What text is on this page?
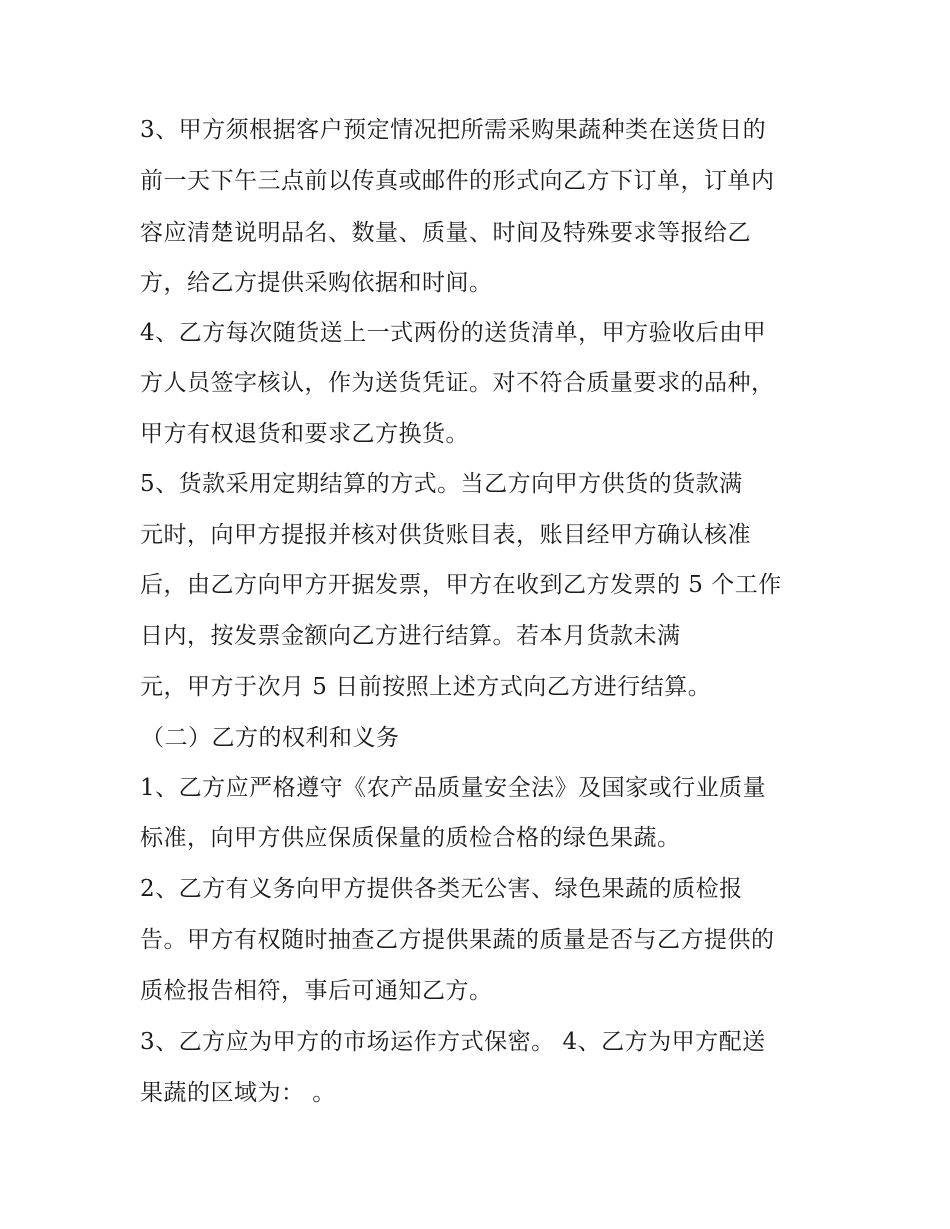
3、甲方须根据客户预定情况把所需采购果蔬种类在送货日的
前一天下午三点前以传真或邮件的形式向乙方下订单，订单内
容应清楚说明品名、数量、质量、时间及特殊要求等报给乙
方，给乙方提供采购依据和时间。
4、乙方每次随货送上一式两份的送货清单，甲方验收后由甲
方人员签字核认，作为送货凭证。对不符合质量要求的品种，
甲方有权退货和要求乙方换货。
5、货款采用定期结算的方式。当乙方向甲方供货的货款满
元时，向甲方提报并核对供货账目表，账目经甲方确认核准
后，由乙方向甲方开据发票，甲方在收到乙方发票的 5 个工作
日内，按发票金额向乙方进行结算。若本月货款未满
元，甲方于次月 5 日前按照上述方式向乙方进行结算。
（二）乙方的权利和义务
1、乙方应严格遵守《农产品质量安全法》及国家或行业质量
标准，向甲方供应保质保量的质检合格的绿色果蔬。
2、乙方有义务向甲方提供各类无公害、绿色果蔬的质检报
告。甲方有权随时抽查乙方提供果蔬的质量是否与乙方提供的
质检报告相符，事后可通知乙方。
3、乙方应为甲方的市场运作方式保密。 4、乙方为甲方配送
果蔬的区域为： 。
